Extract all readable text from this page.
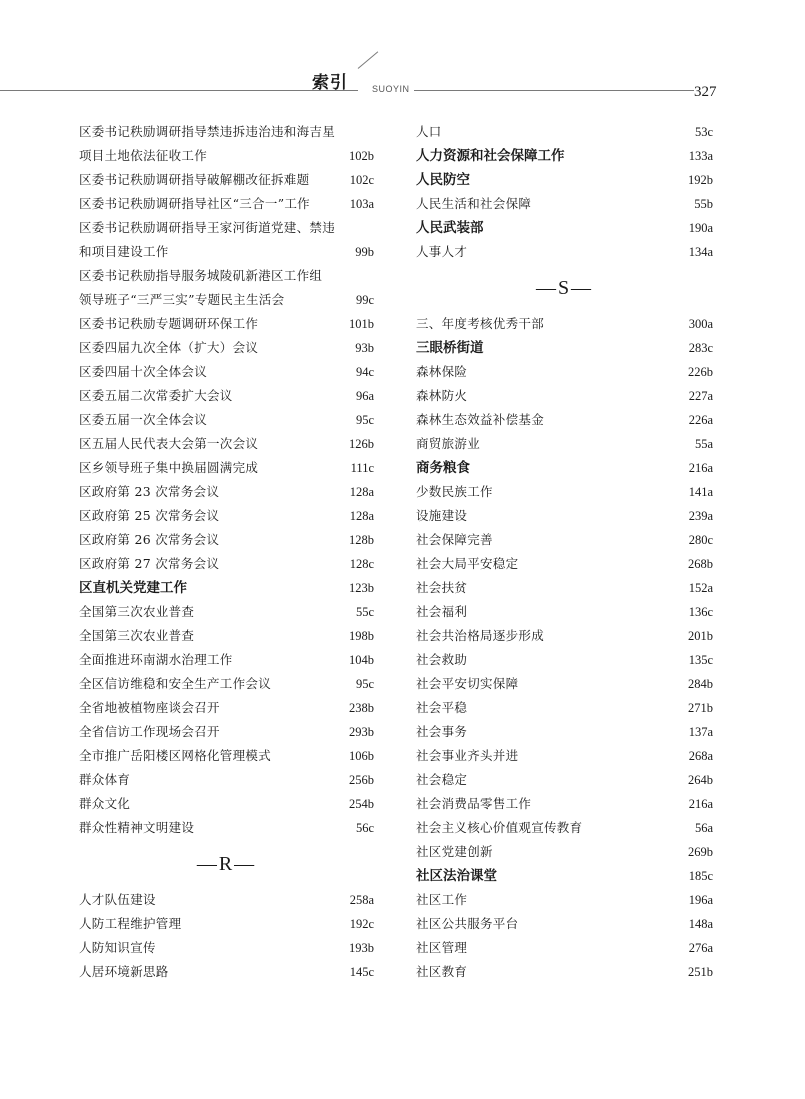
索引	SUOYIN	327
区委书记秩励调研指导禁违拆违治违和海吉星
项目土地依法征收工作	102b
区委书记秩励调研指导破解棚改征拆难题	102c
区委书记秩励调研指导社区“三合一”工作	103a
区委书记秩励调研指导王家河街道党建、禁违
和项目建设工作	99b
区委书记秩励指导服务城陵矶新港区工作组
领导班子“三严三实”专题民主生活会	99c
区委书记秩励专题调研环保工作	101b
区委四届九次全体（扩大）会议	93b
区委四届十次全体会议	94c
区委五届二次常委扩大会议	96a
区委五届一次全体会议	95c
区五届人民代表大会第一次会议	126b
区乡领导班子集中换届圆满完成	111c
区政府第 23 次常务会议	128a
区政府第 25 次常务会议	128a
区政府第 26 次常务会议	128b
区政府第 27 次常务会议	128c
区直机关党建工作	123b
全国第三次农业普查	55c
全国第三次农业普查	198b
全面推进环南湖水治理工作	104b
全区信访维稳和安全生产工作会议	95c
全省地被植物座谈会召开	238b
全省信访工作现场会召开	293b
全市推广岳阳楼区网格化管理模式	106b
群众体育	256b
群众文化	254b
群众性精神文明建设	56c
—R—
人才队伍建设	258a
人防工程维护管理	192c
人防知识宣传	193b
人居环境新思路	145c
人口	53c
人力资源和社会保障工作	133a
人民防空	192b
人民生活和社会保障	55b
人民武装部	190a
人事人才	134a
—S—
三、年度考核优秀干部	300a
三眼桥街道	283c
森林保险	226b
森林防火	227a
森林生态效益补偿基金	226a
商贸旅游业	55a
商务粮食	216a
少数民族工作	141a
设施建设	239a
社会保障完善	280c
社会大局平安稳定	268b
社会扶贫	152a
社会福利	136c
社会共治格局逐步形成	201b
社会救助	135c
社会平安切实保障	284b
社会平稳	271b
社会事务	137a
社会事业齐头并进	268a
社会稳定	264b
社会消费品零售工作	216a
社会主义核心价值观宣传教育	56a
社区党建创新	269b
社区法治课堂	185c
社区工作	196a
社区公共服务平台	148a
社区管理	276a
社区教育	251b
